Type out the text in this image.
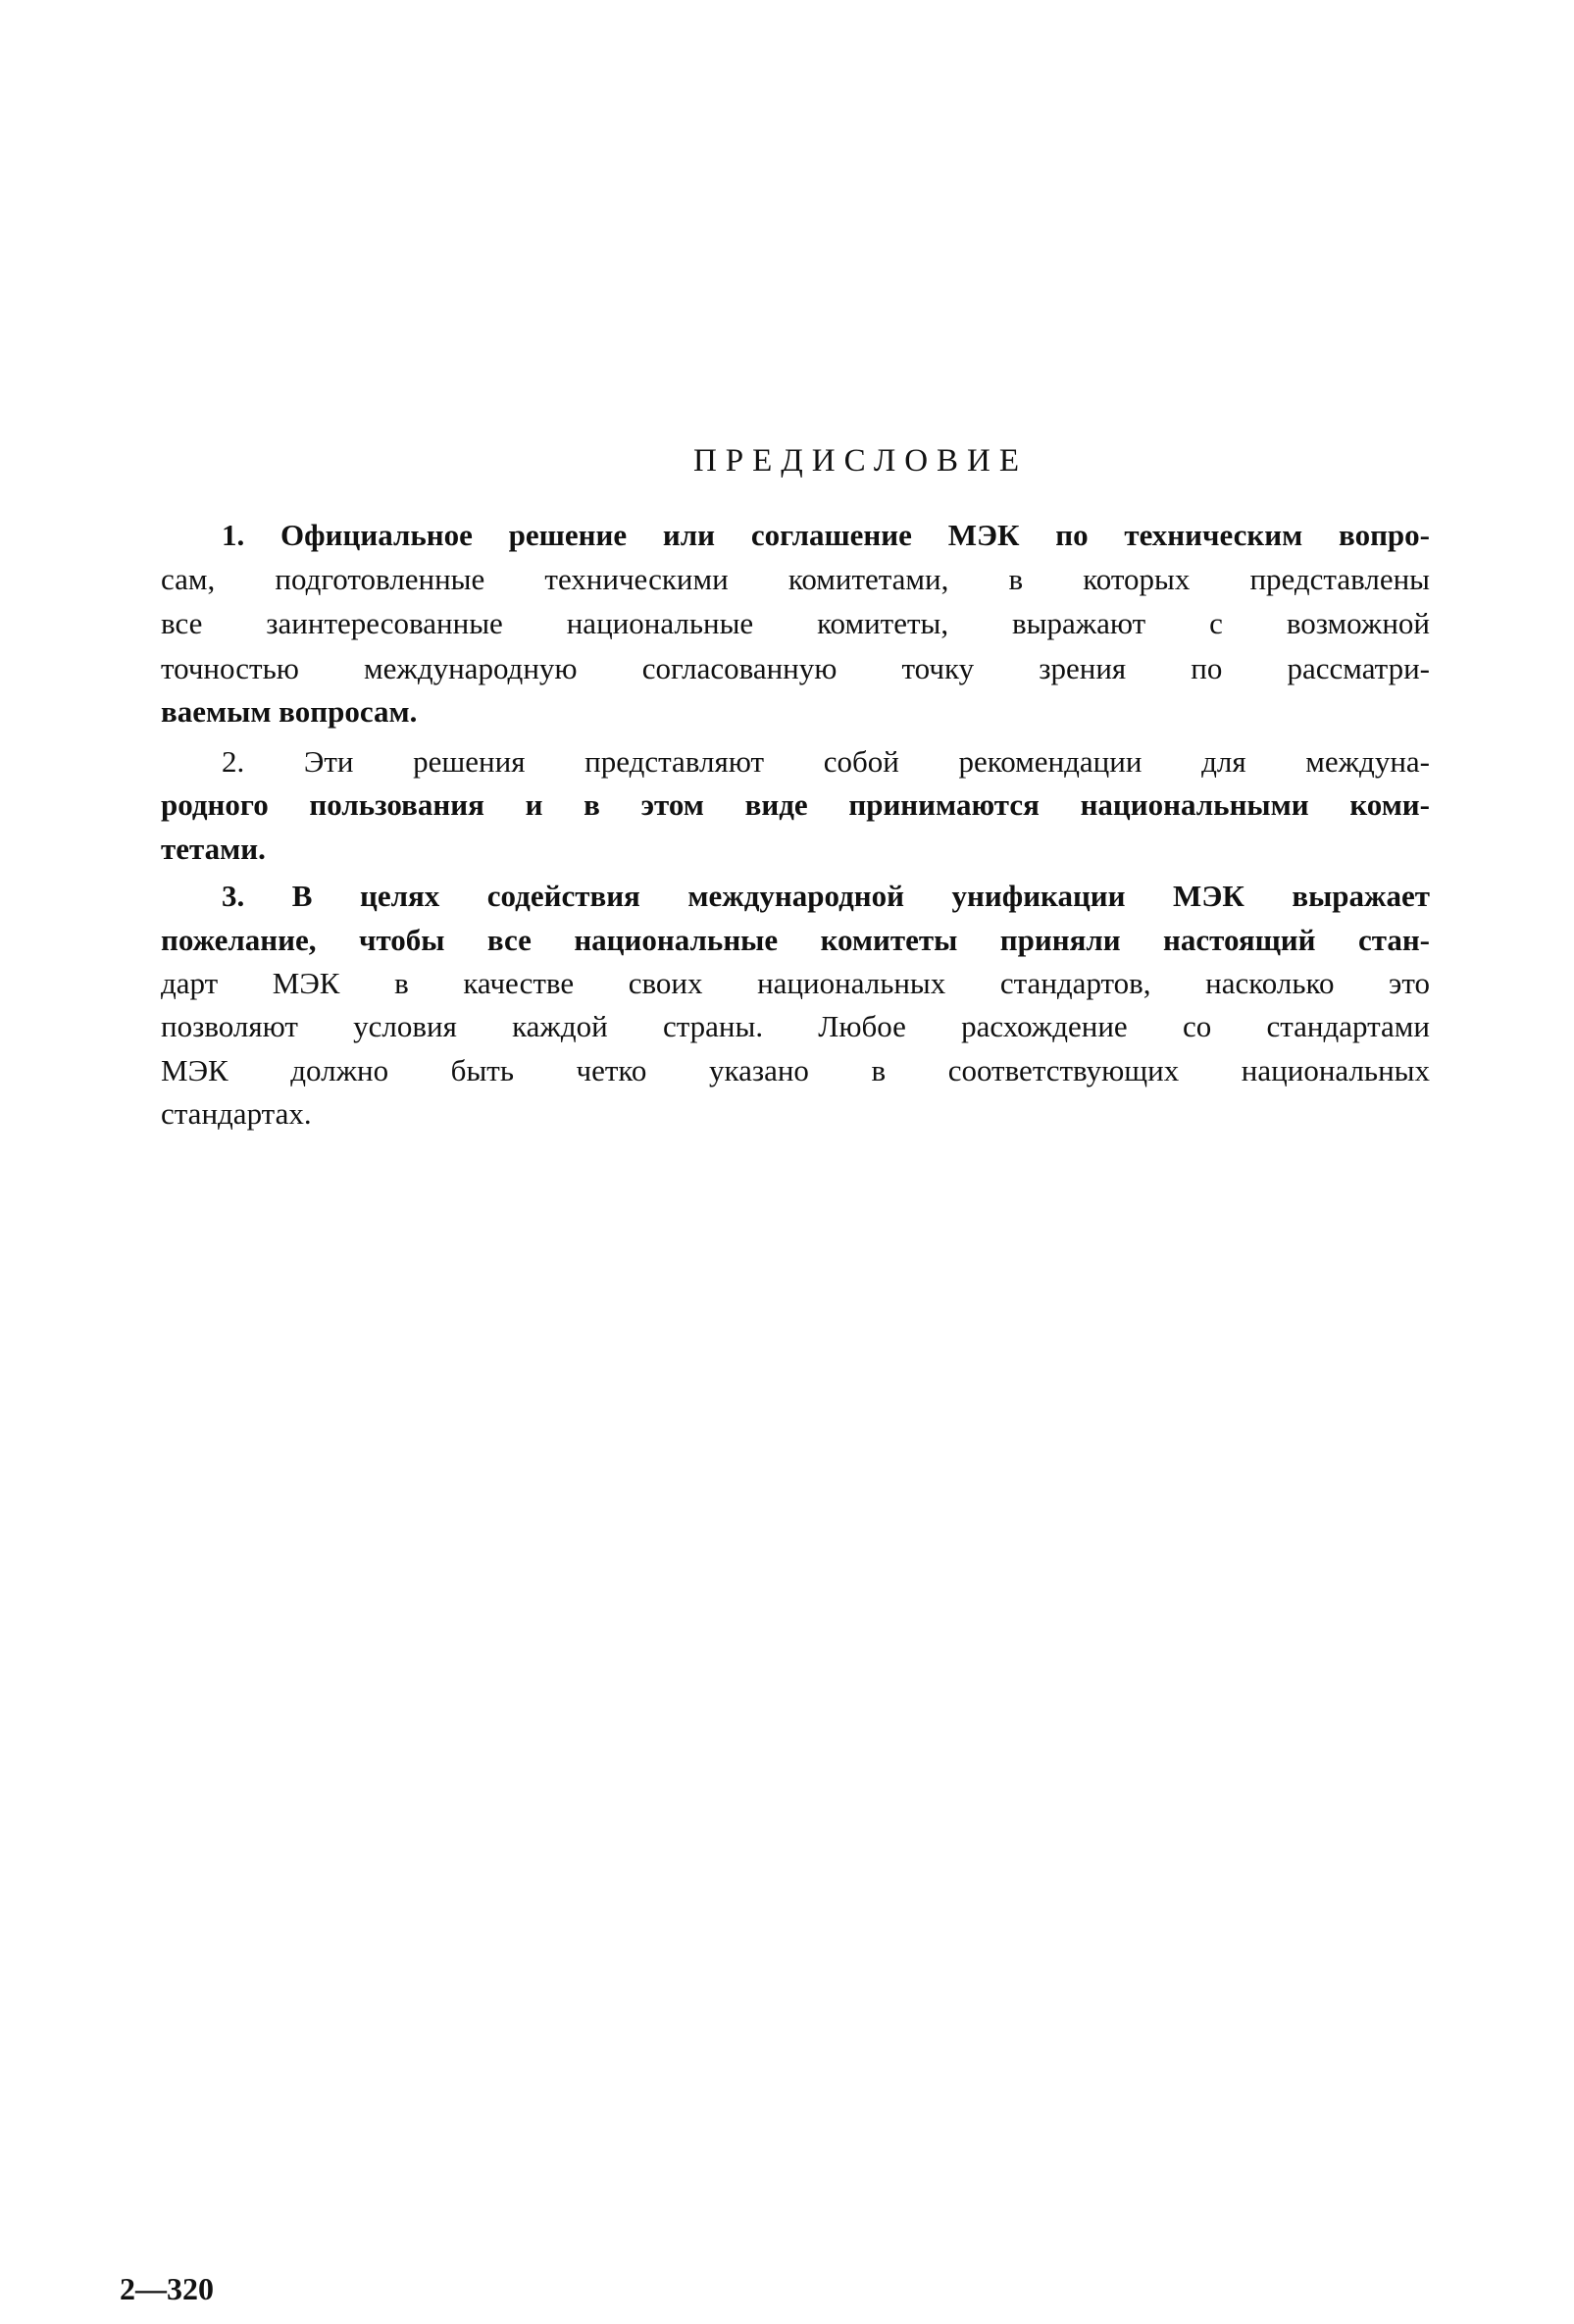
ПРЕДИСЛОВИЕ
1. Официальное решение или соглашение МЭК по техническим вопро-
сам, подготовленные техническими комитетами, в которых представлены
все заинтересованные национальные комитеты, выражают с возможной
точностью международную согласованную точку зрения по рассматри-
ваемым вопросам.
2. Эти решения представляют собой рекомендации для междуна-
родного пользования и в этом виде принимаются национальными коми-
тетами.
3. В целях содействия международной унификации МЭК выражает
пожелание, чтобы все национальные комитеты приняли настоящий стан-
дарт МЭК в качестве своих национальных стандартов, насколько это
позволяют условия каждой страны. Любое расхождение со стандартами
МЭК должно быть четко указано в соответствующих национальных
стандартах.
2—320
